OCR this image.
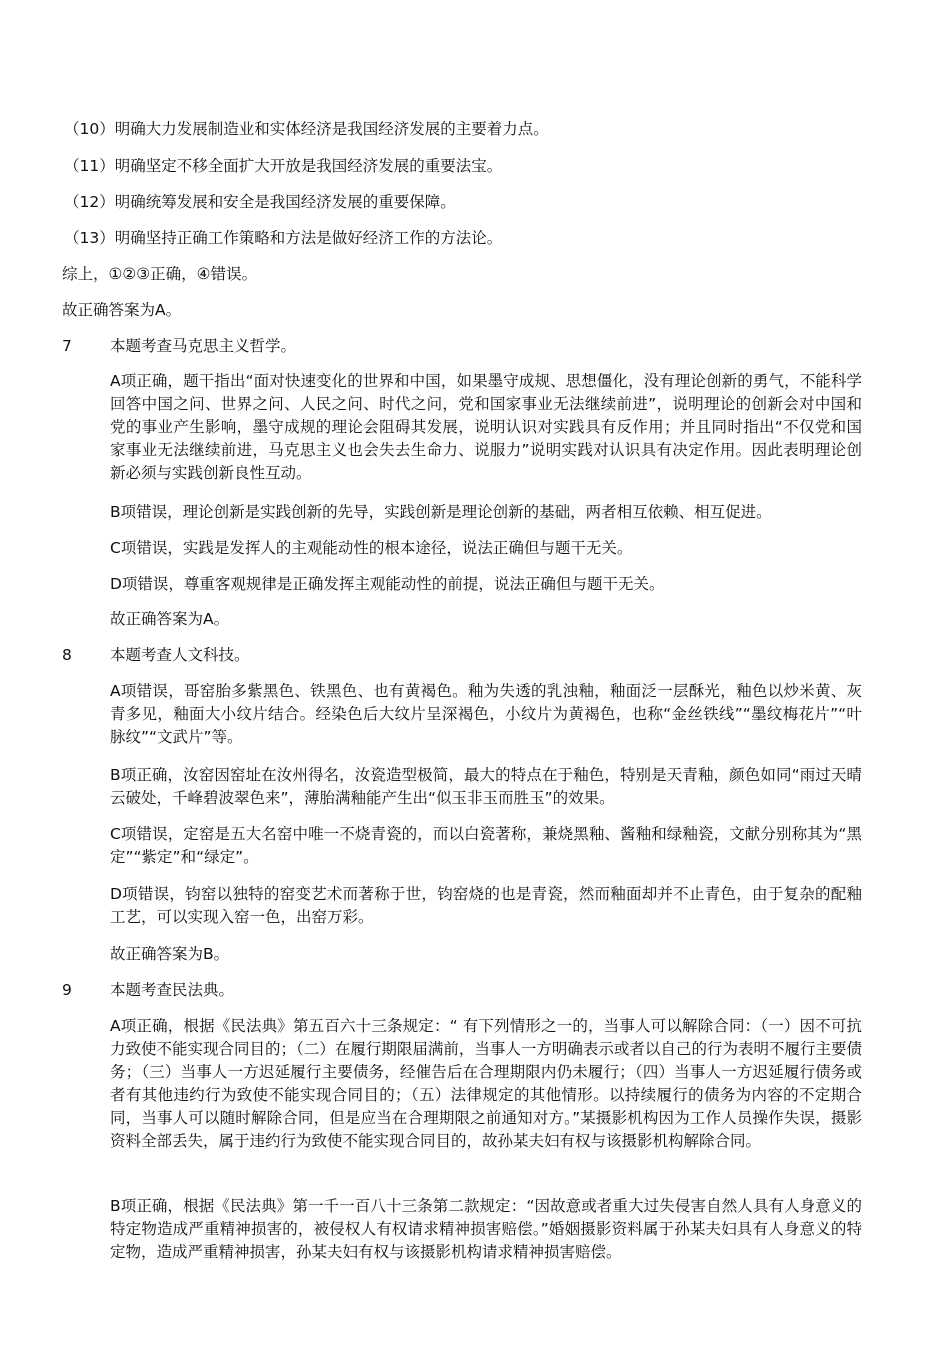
（10）明确大力发展制造业和实体经济是我国经济发展的主要着力点。
（11）明确坚定不移全面扩大开放是我国经济发展的重要法宝。
（12）明确统筹发展和安全是我国经济发展的重要保障。
（13）明确坚持正确工作策略和方法是做好经济工作的方法论。
综上，①②③正确，④错误。
故正确答案为A。
7 本题考查马克思主义哲学。
A项正确，题干指出“面对快速变化的世界和中国，如果墨守成规、思想僵化，没有理论创新的勇气，不能科学回答中国之问、世界之问、人民之问、时代之问，党和国家事业无法继续前进”，说明理论的创新会对中国和党的事业产生影响，墨守成规的理论会阻碍其发展，说明认识对实践具有反作用；并且同时指出“不仅党和国家事业无法继续前进，马克思主义也会失去生命力、说服力”说明实践对认识具有决定作用。因此表明理论创新必须与实践创新良性互动。
B项错误，理论创新是实践创新的先导，实践创新是理论创新的基础，两者相互依赖、相互促进。
C项错误，实践是发挥人的主观能动性的根本途径，说法正确但与题干无关。
D项错误，尊重客观规律是正确发挥主观能动性的前提，说法正确但与题干无关。
故正确答案为A。
8 本题考查人文科技。
A项错误，哥窑胎多紫黑色、铁黑色、也有黄褐色。釉为失透的乳浊釉，釉面泛一层酥光，釉色以炒米黄、灰青多见，釉面大小纹片结合。经染色后大纹片呈深褐色，小纹片为黄褐色，也称“金丝铁线”“墨纹梅花片”“叶脉纹”“文武片”等。
B项正确，汝窑因窑址在汝州得名，汝瓷造型极简，最大的特点在于釉色，特别是天青釉，颜色如同“雨过天晴云破处，千峰碧波翠色来”，薄胎满釉能产生出“似玉非玉而胜玉”的效果。
C项错误，定窑是五大名窑中唯一不烧青瓷的，而以白瓷著称，兼烧黑釉、酱釉和绿釉瓷，文献分别称其为“黑定”“紫定”和“绿定”。
D项错误，钧窑以独特的窑变艺术而著称于世，钧窑烧的也是青瓷，然而釉面却并不止青色，由于复杂的配釉工艺，可以实现入窑一色，出窑万彩。
故正确答案为B。
9 本题考查民法典。
A项正确，根据《民法典》第五百六十三条规定：“ 有下列情形之一的，当事人可以解除合同：（一）因不可抗力致使不能实现合同目的；（二）在履行期限届满前，当事人一方明确表示或者以自己的行为表明不履行主要债务；（三）当事人一方迟延履行主要债务，经催告后在合理期限内仍未履行；（四）当事人一方迟延履行债务或者有其他违约行为致使不能实现合同目的；（五）法律规定的其他情形。以持续履行的债务为内容的不定期合同，当事人可以随时解除合同，但是应当在合理期限之前通知对方。”某摄影机构因为工作人员操作失误，摄影资料全部丢失，属于违约行为致使不能实现合同目的，故孙某夫妇有权与该摄影机构解除合同。
B项正确，根据《民法典》第一千一百八十三条第二款规定：“因故意或者重大过失侵害自然人具有人身意义的特定物造成严重精神损害的，被侵权人有权请求精神损害赔偿。”婚姻摄影资料属于孙某夫妇具有人身意义的特定物，造成严重精神损害，孙某夫妇有权与该摄影机构请求精神损害赔偿。
